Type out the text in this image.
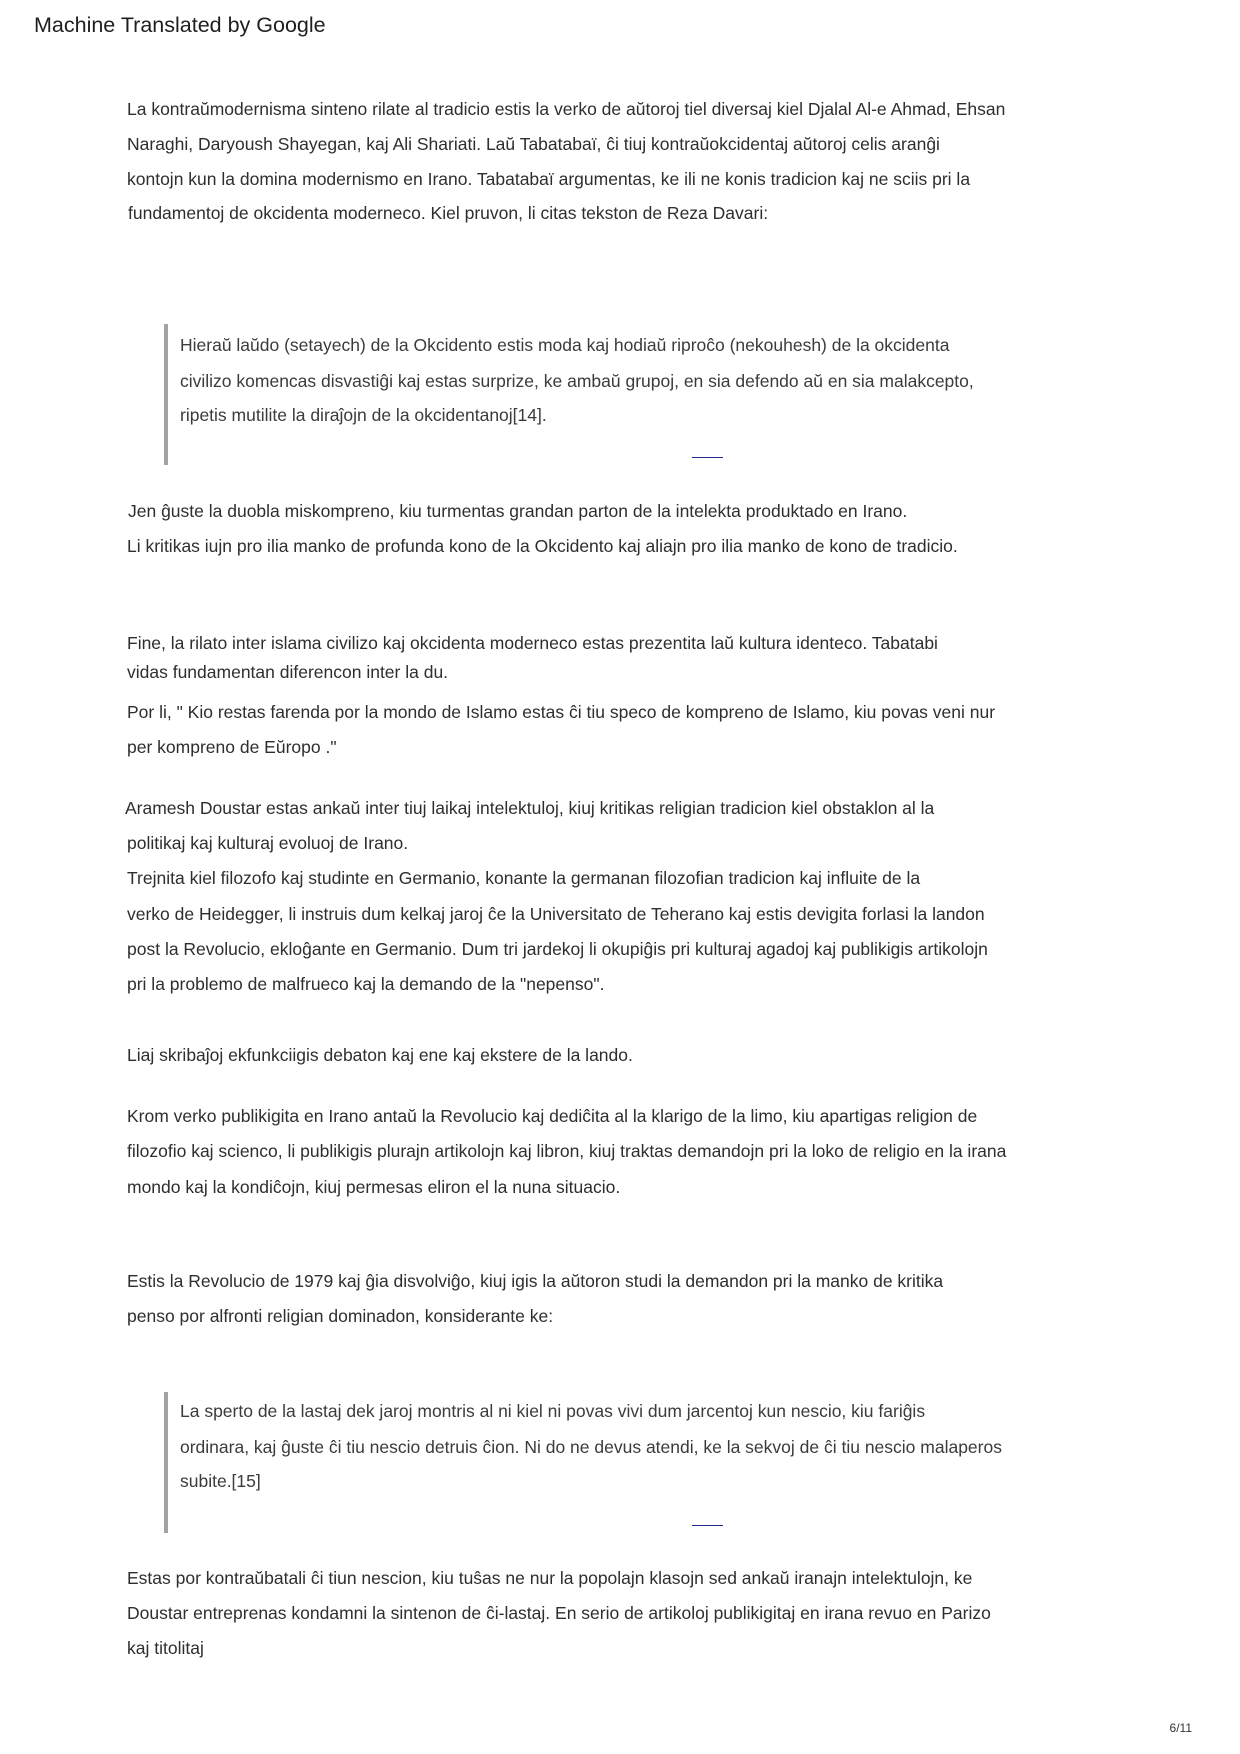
Machine Translated by Google
La kontraŭmodernisma sinteno rilate al tradicio estis la verko de aŭtoroj tiel diversaj kiel Djalal Al-e Ahmad, Ehsan
Naraghi, Daryoush Shayegan, kaj Ali Shariati. Laŭ Tabatabaï, ĉi tiuj kontraŭokcidentaj aŭtoroj celis aranĝi
kontojn kun la domina modernismo en Irano. Tabatabaï argumentas, ke ili ne konis tradicion kaj ne sciis pri la
fundamentoj de okcidenta moderneco. Kiel pruvon, li citas tekston de Reza Davari:
Hieraŭ laŭdo (setayech) de la Okcidento estis moda kaj hodiaŭ riproĉo (nekouhesh) de la okcidenta
civilizo komencas disvastiĝi kaj estas surprize, ke ambaŭ grupoj, en sia defendo aŭ en sia malakcepto,
ripetis mutilite la diraĵojn de la okcidentanoj[14].
Jen ĝuste la duobla miskompreno, kiu turmentas grandan parton de la intelekta produktado en Irano.
Li kritikas iujn pro ilia manko de profunda kono de la Okcidento kaj aliajn pro ilia manko de kono de tradicio.
Fine, la rilato inter islama civilizo kaj okcidenta moderneco estas prezentita laŭ kultura identeco. Tabatabi
vidas fundamentan diferencon inter la du.
Por li, " Kio restas farenda por la mondo de Islamo estas ĉi tiu speco de kompreno de Islamo, kiu povas veni nur
per kompreno de Eŭropo ."
Aramesh Doustar estas ankaŭ inter tiuj laikaj intelektuloj, kiuj kritikas religian tradicion kiel obstaklon al la
politikaj kaj kulturaj evoluoj de Irano.
Trejnita kiel filozofo kaj studinte en Germanio, konante la germanan filozofian tradicion kaj influite de la
verko de Heidegger, li instruis dum kelkaj jaroj ĉe la Universitato de Teherano kaj estis devigita forlasi la landon
post la Revolucio, ekloĝante en Germanio. Dum tri jardekoj li okupiĝis pri kulturaj agadoj kaj publikigis artikolojn
pri la problemo de malfrueco kaj la demando de la "nepenso".
Liaj skribaĵoj ekfunkciigis debaton kaj ene kaj ekstere de la lando.
Krom verko publikigita en Irano antaŭ la Revolucio kaj dediĉita al la klarigo de la limo, kiu apartigas religion de
filozofio kaj scienco, li publikigis plurajn artikolojn kaj libron, kiuj traktas demandojn pri la loko de religio en la irana
mondo kaj la kondiĉojn, kiuj permesas eliron el la nuna situacio.
Estis la Revolucio de 1979 kaj ĝia disvolviĝo, kiuj igis la aŭtoron studi la demandon pri la manko de kritika
penso por alfronti religian dominadon, konsiderante ke:
La sperto de la lastaj dek jaroj montris al ni kiel ni povas vivi dum jarcentoj kun nescio, kiu fariĝis
ordinara, kaj ĝuste ĉi tiu nescio detruis ĉion. Ni do ne devus atendi, ke la sekvoj de ĉi tiu nescio malaperos
subite.[15]
Estas por kontraŭbatali ĉi tiun nescion, kiu tuŝas ne nur la popolajn klasojn sed ankaŭ iranajn intelektulojn, ke
Doustar entreprenas kondamni la sintenon de ĉi-lastaj. En serio de artikoloj publikigitaj en irana revuo en Parizo
kaj titolitaj
6/11
